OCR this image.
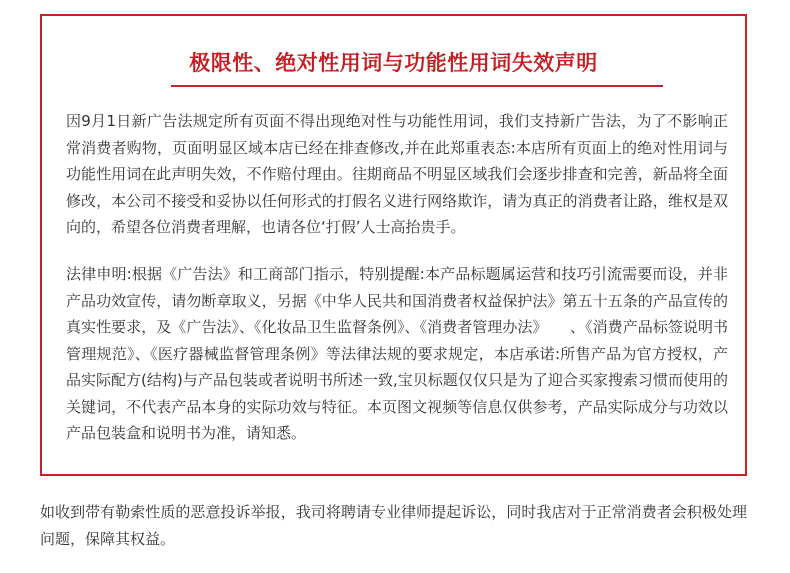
极限性、绝对性用词与功能性用词失效声明

因9月1日新广告法规定所有页面不得出现绝对性与功能性用词，我们支持新广告法，为了不影响正常消费者购物，页面明显区域本店已经在排查修改,并在此郑重表态:本店所有页面上的绝对性用词与功能性用词在此声明失效，不作赔付理由。往期商品不明显区域我们会逐步排查和完善，新品将全面修改，本公司不接受和妥协以任何形式的打假名义进行网络欺诈，请为真正的消费者让路，维权是双向的，希望各位消费者理解，也请各位‘打假’人士高抬贵手。

法律申明:根据《广告法》和工商部门指示，特别提醒:本产品标题属运营和技巧引流需要而设，并非产品功效宣传，请勿断章取义，另据《中华人民共和国消费者权益保护法》第五十五条的产品宣传的真实性要求，及《广告法》、《化妆品卫生监督条例》、《消费者管理办法》　　、《消费产品标签说明书管理规范》、《医疗器械监督管理条例》等法律法规的要求规定，本店承诺:所售产品为官方授权，产品实际配方(结构)与产品包装或者说明书所述一致,宝贝标题仅仅只是为了迎合买家搜索习惯而使用的关键词，不代表产品本身的实际功效与特征。本页图文视频等信息仅供参考，产品实际成分与功效以产品包装盒和说明书为准，请知悉。

如收到带有勒索性质的恶意投诉举报，我司将聘请专业律师提起诉讼，同时我店对于正常消费者会积极处理问题，保障其权益。
